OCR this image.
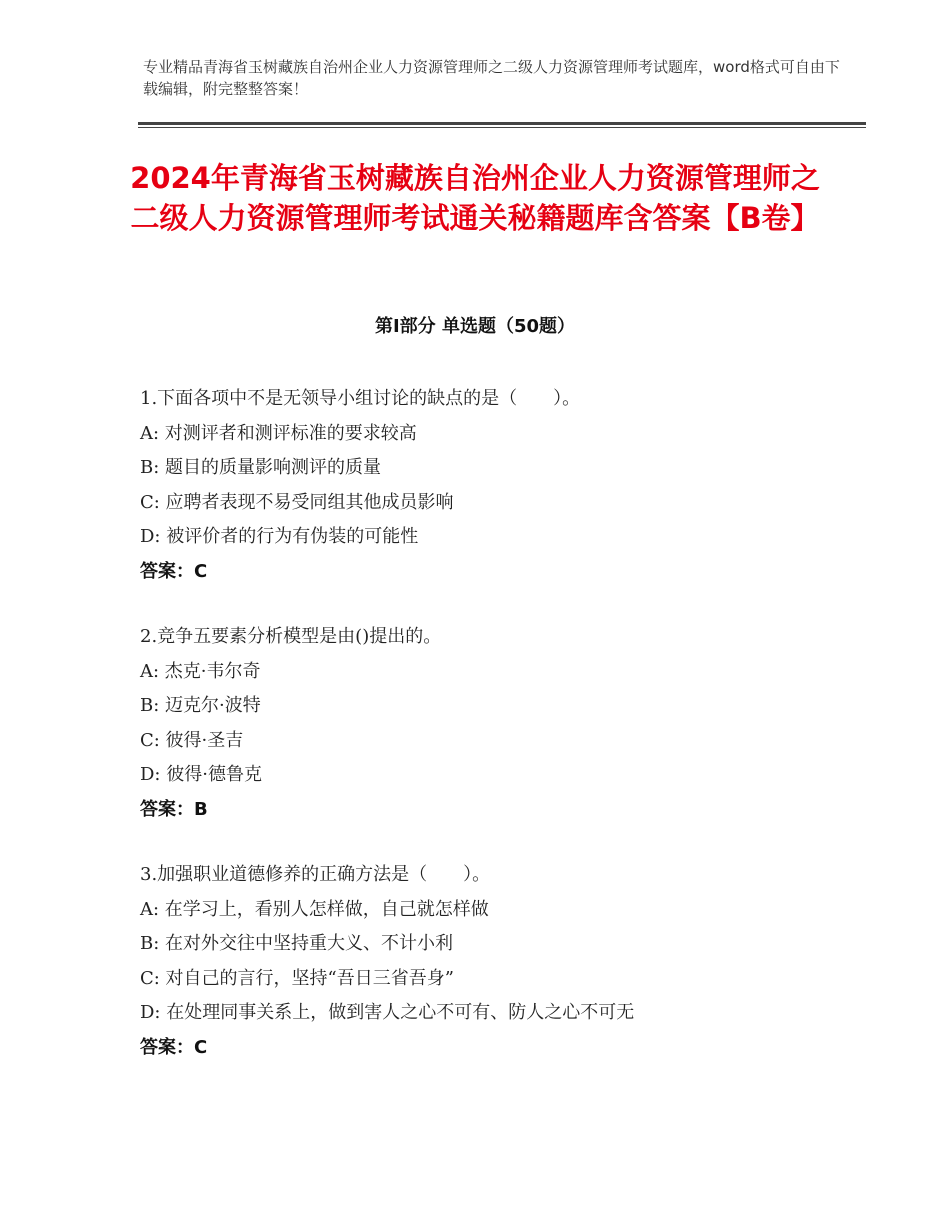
专业精品青海省玉树藏族自治州企业人力资源管理师之二级人力资源管理师考试题库，word格式可自由下载编辑，附完整整答案！
2024年青海省玉树藏族自治州企业人力资源管理师之二级人力资源管理师考试通关秘籍题库含答案【B卷】
第Ⅰ部分 单选题（50题）
1.下面各项中不是无领导小组讨论的缺点的是（　　）。
A: 对测评者和测评标准的要求较高
B: 题目的质量影响测评的质量
C: 应聘者表现不易受同组其他成员影响
D: 被评价者的行为有伪装的可能性
答案：C
2.竞争五要素分析模型是由()提出的。
A: 杰克·韦尔奇
B: 迈克尔·波特
C: 彼得·圣吉
D: 彼得·德鲁克
答案：B
3.加强职业道德修养的正确方法是（　　）。
A: 在学习上，看别人怎样做，自己就怎样做
B: 在对外交往中坚持重大义、不计小利
C: 对自己的言行，坚持“吾日三省吾身”
D: 在处理同事关系上，做到害人之心不可有、防人之心不可无
答案：C
